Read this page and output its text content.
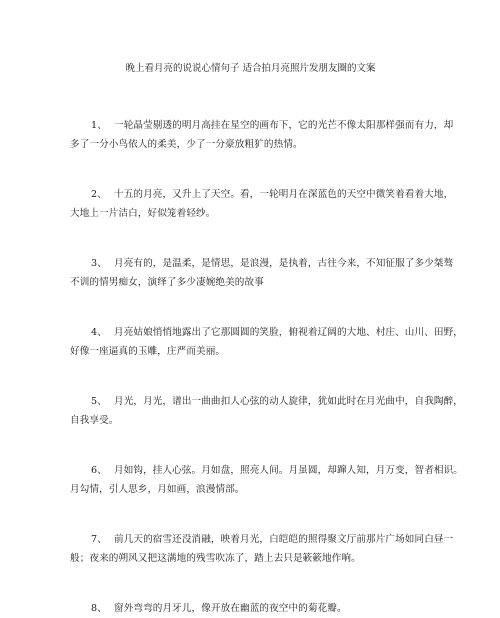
晚上看月亮的说说心情句子 适合拍月亮照片发朋友圈的文案
1、 一轮晶莹剔透的明月高挂在星空的画布下，它的光芒不像太阳那样强而有力，却
多了一分小鸟依人的柔美，少了一分豪放粗犷的热情。
2、 十五的月亮，又升上了天空。看，一轮明月在深蓝色的天空中微笑着看着大地，
大地上一片洁白，好似笼着轻纱。
3、 月亮有的，是温柔，是情思，是浪漫，是执着，古往今来，不知征服了多少桀骜
不训的情男痴女，演绎了多少凄婉绝美的故事
4、 月亮姑娘悄悄地露出了它那圆圆的笑脸，俯视着辽阔的大地、村庄、山川、田野，
好像一座逼真的玉雕，庄严而美丽。
5、 月光，月光，谱出一曲曲扣人心弦的动人旋律，犹如此时在月光曲中，自我陶醉，
自我享受。
6、 月如钩，挂人心弦。月如盘，照亮人间。月虽圆，却蹿人知，月万变，智者相识。
月勾情，引人思乡，月如画，浪漫情部。
7、 前几天的宿雪还没消融，映着月光，白皑皑的照得聚文厅前那片广场如同白昼一
般；夜来的朔风又把这满地的残雪吹冻了，踏上去只是簌簌地作响。
8、 窗外弯弯的月牙儿，像开放在幽蓝的夜空中的菊花瓣。
